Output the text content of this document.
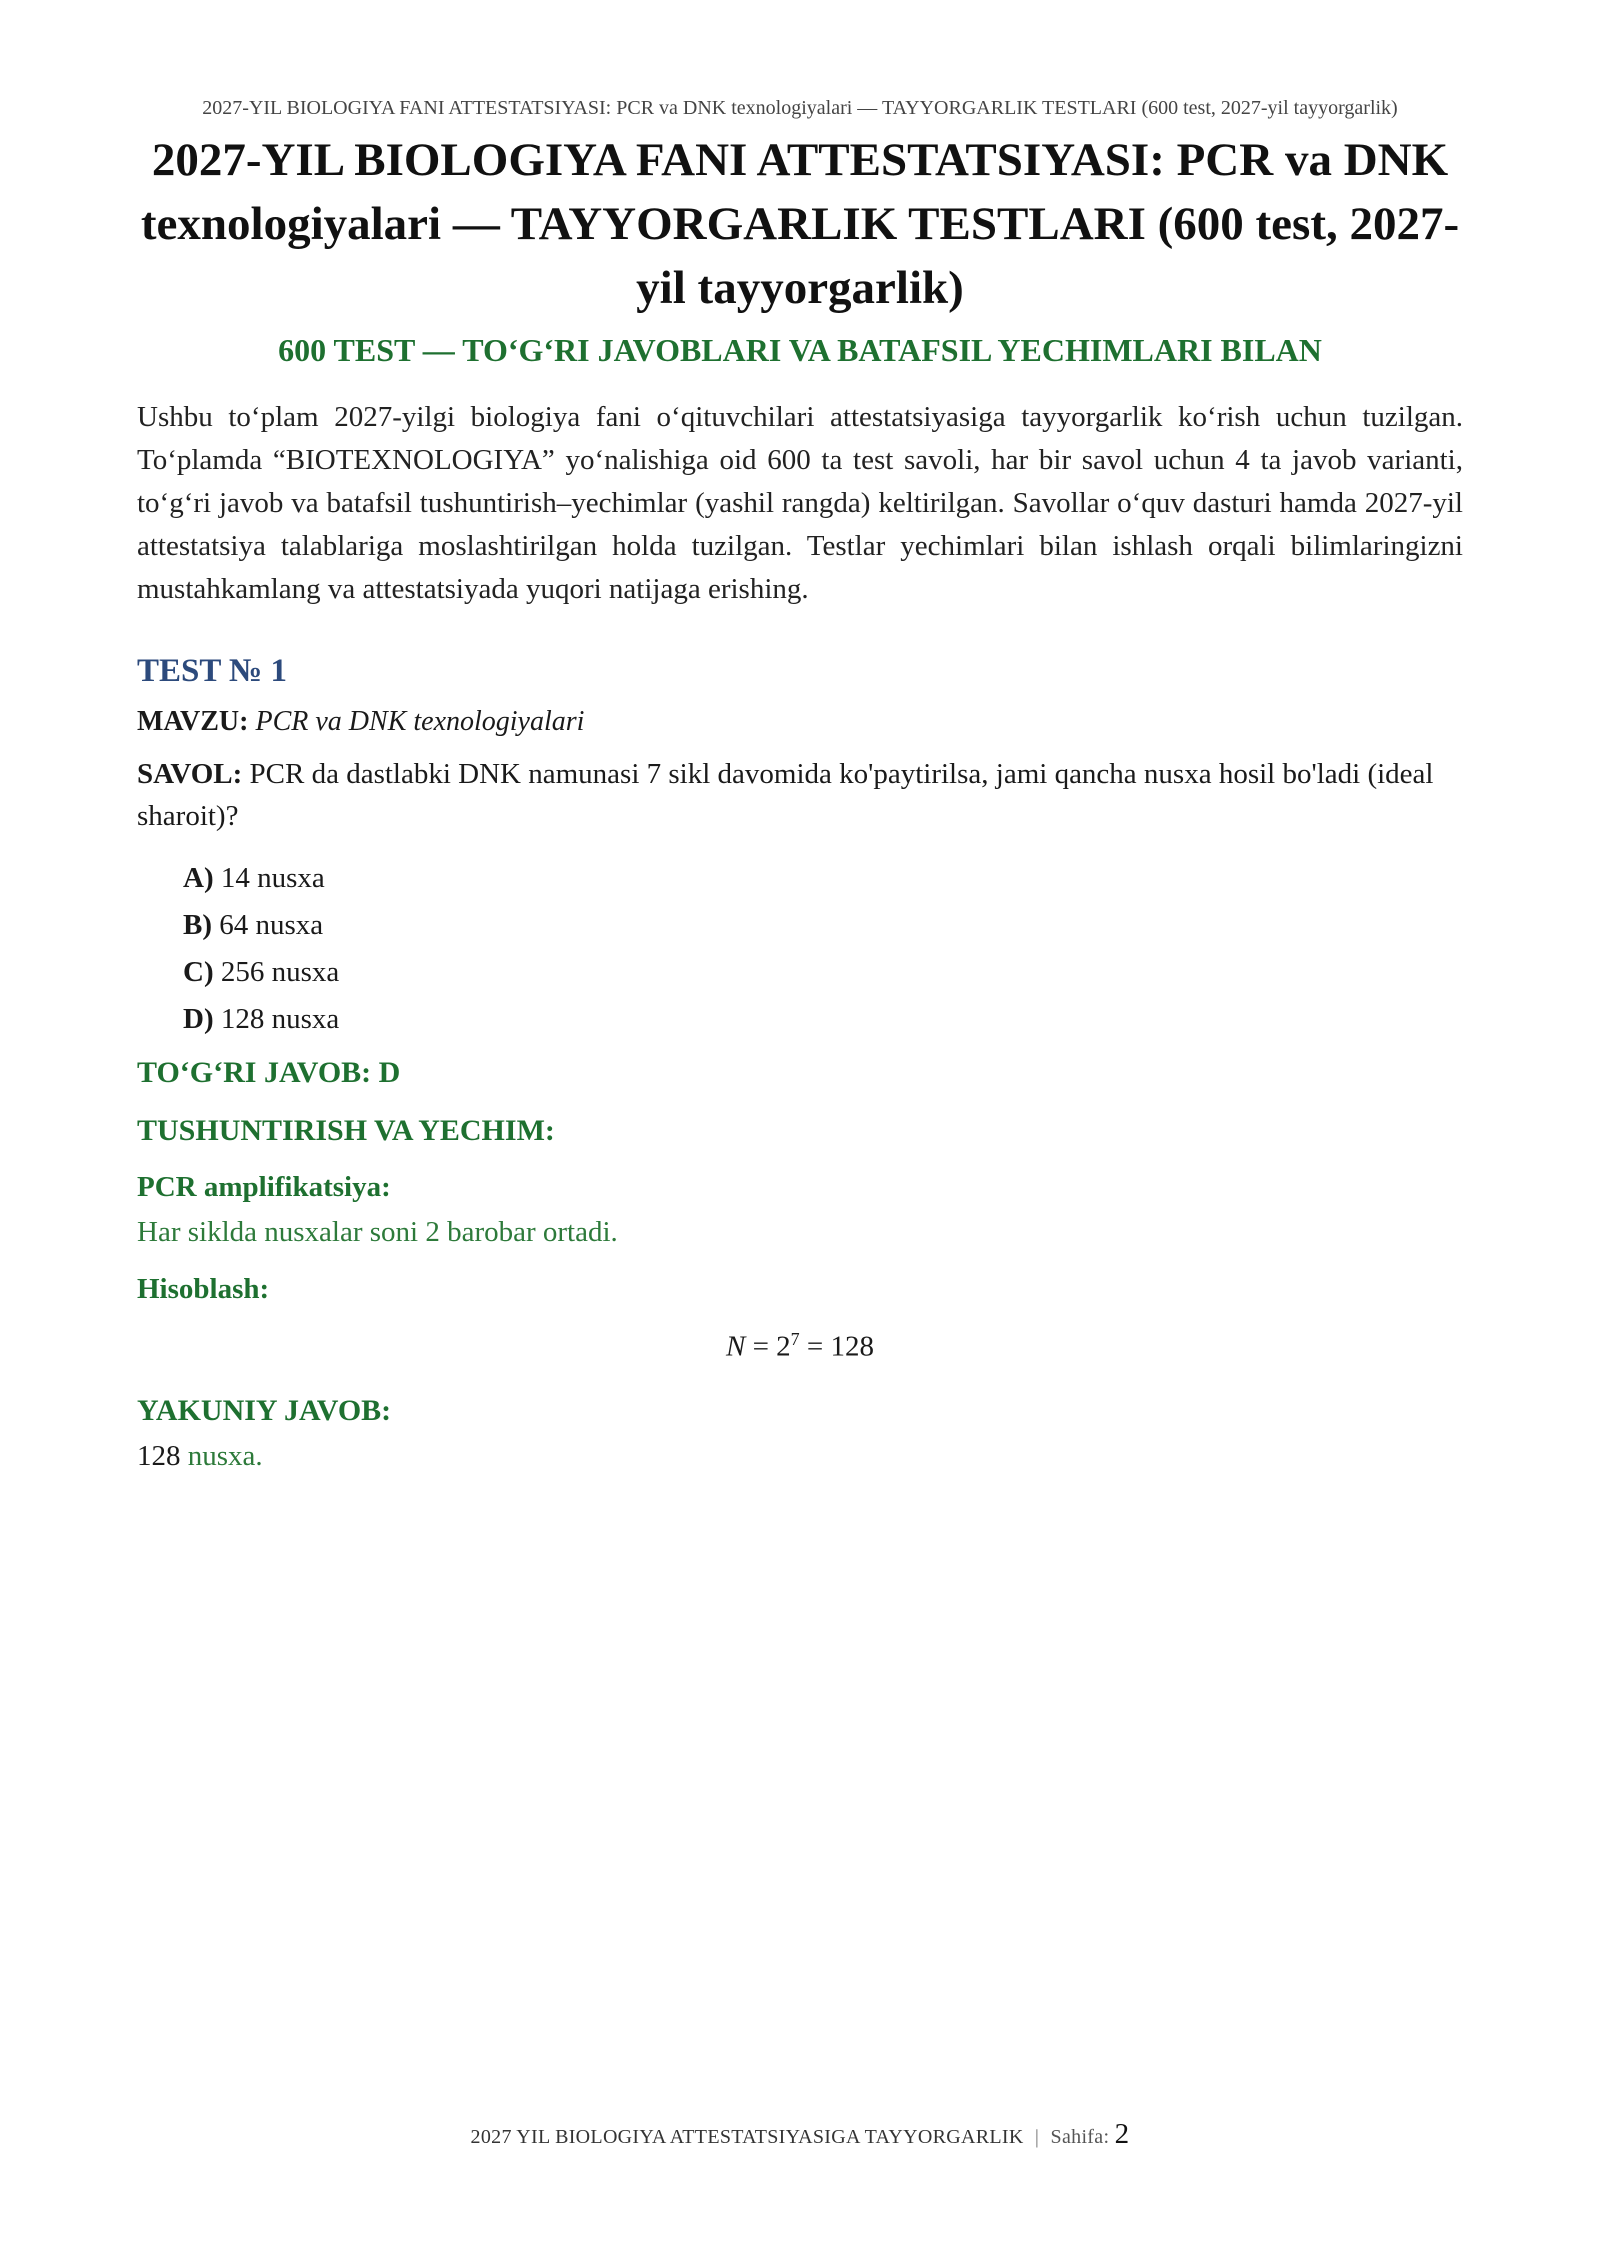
2027-YIL BIOLOGIYA FANI ATTESTATSIYASI: PCR va DNK texnologiyalari — TAYYORGARLIK TESTLARI (600 test, 2027-yil tayyorgarlik)
2027-YIL BIOLOGIYA FANI ATTESTATSIYASI: PCR va DNK texnologiyalari — TAYYORGARLIK TESTLARI (600 test, 2027-yil tayyorgarlik)
600 TEST — TO‘G‘RI JAVOBLARI VA BATAFSIL YECHIMLARI BILAN

Ushbu to‘plam 2027-yilgi biologiya fani o‘qituvchilari attestatsiyasiga tayyorgarlik ko‘rish uchun tuzilgan. To‘plamda “BIOTEXNOLOGIYA” yo‘nalishiga oid 600 ta test savoli, har bir savol uchun 4 ta javob varianti, to‘g‘ri javob va batafsil tushuntirish–yechimlar (yashil rangda) keltirilgan. Savollar o‘quv dasturi hamda 2027-yil attestatsiya talablariga moslashtirilgan holda tuzilgan. Testlar yechimlari bilan ishlash orqali bilimlaringizni mustahkamlang va attestatsiyada yuqori natijaga erishing.

TEST № 1
MAVZU: PCR va DNK texnologiyalari
SAVOL: PCR da dastlabki DNK namunasi 7 sikl davomida ko'paytirilsa, jami qancha nusxa hosil bo'ladi (ideal sharoit)?
A) 14 nusxa
B) 64 nusxa
C) 256 nusxa
D) 128 nusxa
TO‘G‘RI JAVOB: D
TUSHUNTIRISH VA YECHIM:
PCR amplifikatsiya:
Har siklda nusxalar soni 2 barobar ortadi.
Hisoblash:
$N = 2^7 = 128$
YAKUNIY JAVOB:
128 nusxa.
2027 YIL BIOLOGIYA ATTESTATSIYASIGA TAYYORGARLIK | Sahifa: 2
